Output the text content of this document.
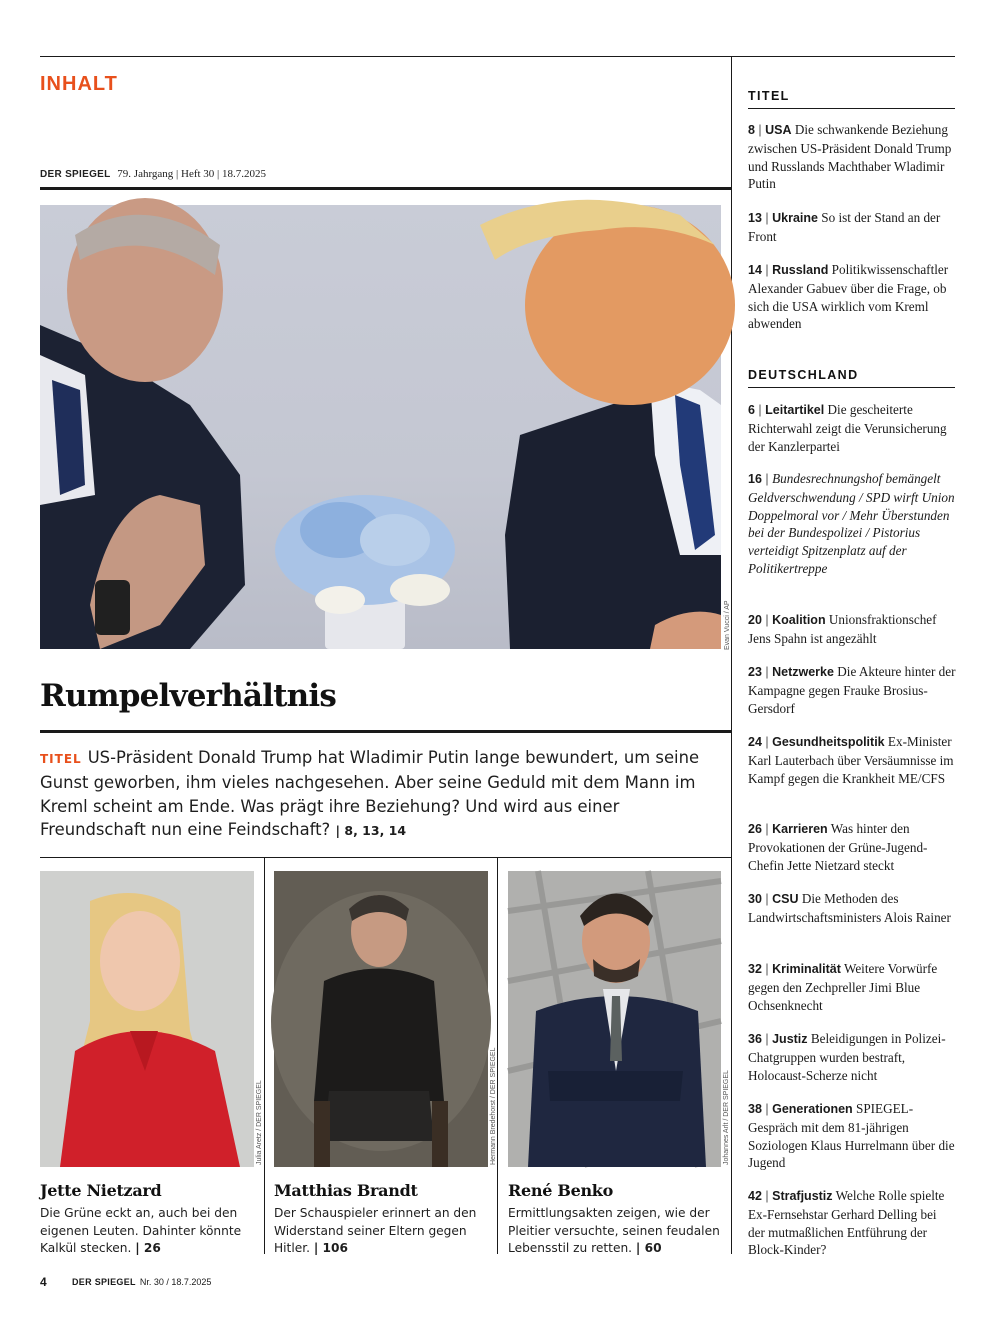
INHALT
DER SPIEGEL 79. Jahrgang | Heft 30 | 18.7.2025
Evan Vucci / AP
Rumpelverhältnis
TITEL US-Präsident Donald Trump hat Wladimir Putin lange bewundert, um seine Gunst geworben, ihm vieles nachgesehen. Aber seine Geduld mit dem Mann im Kreml scheint am Ende. Was prägt ihre Beziehung? Und wird aus einer Freundschaft nun eine Feindschaft? | 8, 13, 14
Julia Aretz / DER SPIEGEL
Jette Nietzard
Die Grüne eckt an, auch bei den eigenen Leuten. Dahinter könnte Kalkül stecken. | 26
Hermann Bredehorst / DER SPIEGEL
Matthias Brandt
Der Schauspieler erinnert an den Widerstand seiner Eltern gegen Hitler. | 106
Johannes Arlt / DER SPIEGEL
René Benko
Ermittlungsakten zeigen, wie der Pleitier versuchte, seinen feudalen Lebensstil zu retten. | 60
4	DER SPIEGEL Nr. 30 / 18.7.2025
TITEL
8 | USA Die schwankende Beziehung zwischen US-Präsident Donald Trump und Russlands Machthaber Wladimir Putin
13 | Ukraine So ist der Stand an der Front
14 | Russland Politikwissenschaftler Alexander Gabuev über die Frage, ob sich die USA wirklich vom Kreml abwenden
DEUTSCHLAND
6 | Leitartikel Die gescheiterte Richterwahl zeigt die Verunsicherung der Kanzlerpartei
16 | Bundesrechnungshof bemängelt Geldverschwendung / SPD wirft Union Doppelmoral vor / Mehr Überstunden bei der Bundespolizei / Pistorius verteidigt Spitzenplatz auf der Politikertreppe
20 | Koalition Unionsfraktionschef Jens Spahn ist angezählt
23 | Netzwerke Die Akteure hinter der Kampagne gegen Frauke Brosius-Gersdorf
24 | Gesundheitspolitik Ex-Minister Karl Lauterbach über Versäumnisse im Kampf gegen die Krankheit ME/CFS
26 | Karrieren Was hinter den Provokationen der Grüne-Jugend-Chefin Jette Nietzard steckt
30 | CSU Die Methoden des Landwirtschaftsministers Alois Rainer
32 | Kriminalität Weitere Vorwürfe gegen den Zechpreller Jimi Blue Ochsenknecht
36 | Justiz Beleidigungen in Polizei-Chatgruppen wurden bestraft, Holocaust-Scherze nicht
38 | Generationen SPIEGEL-Gespräch mit dem 81-jährigen Soziologen Klaus Hurrelmann über die Jugend
42 | Strafjustiz Welche Rolle spielte Ex-Fernsehstar Gerhard Delling bei der mutmaßlichen Entführung der Block-Kinder?
